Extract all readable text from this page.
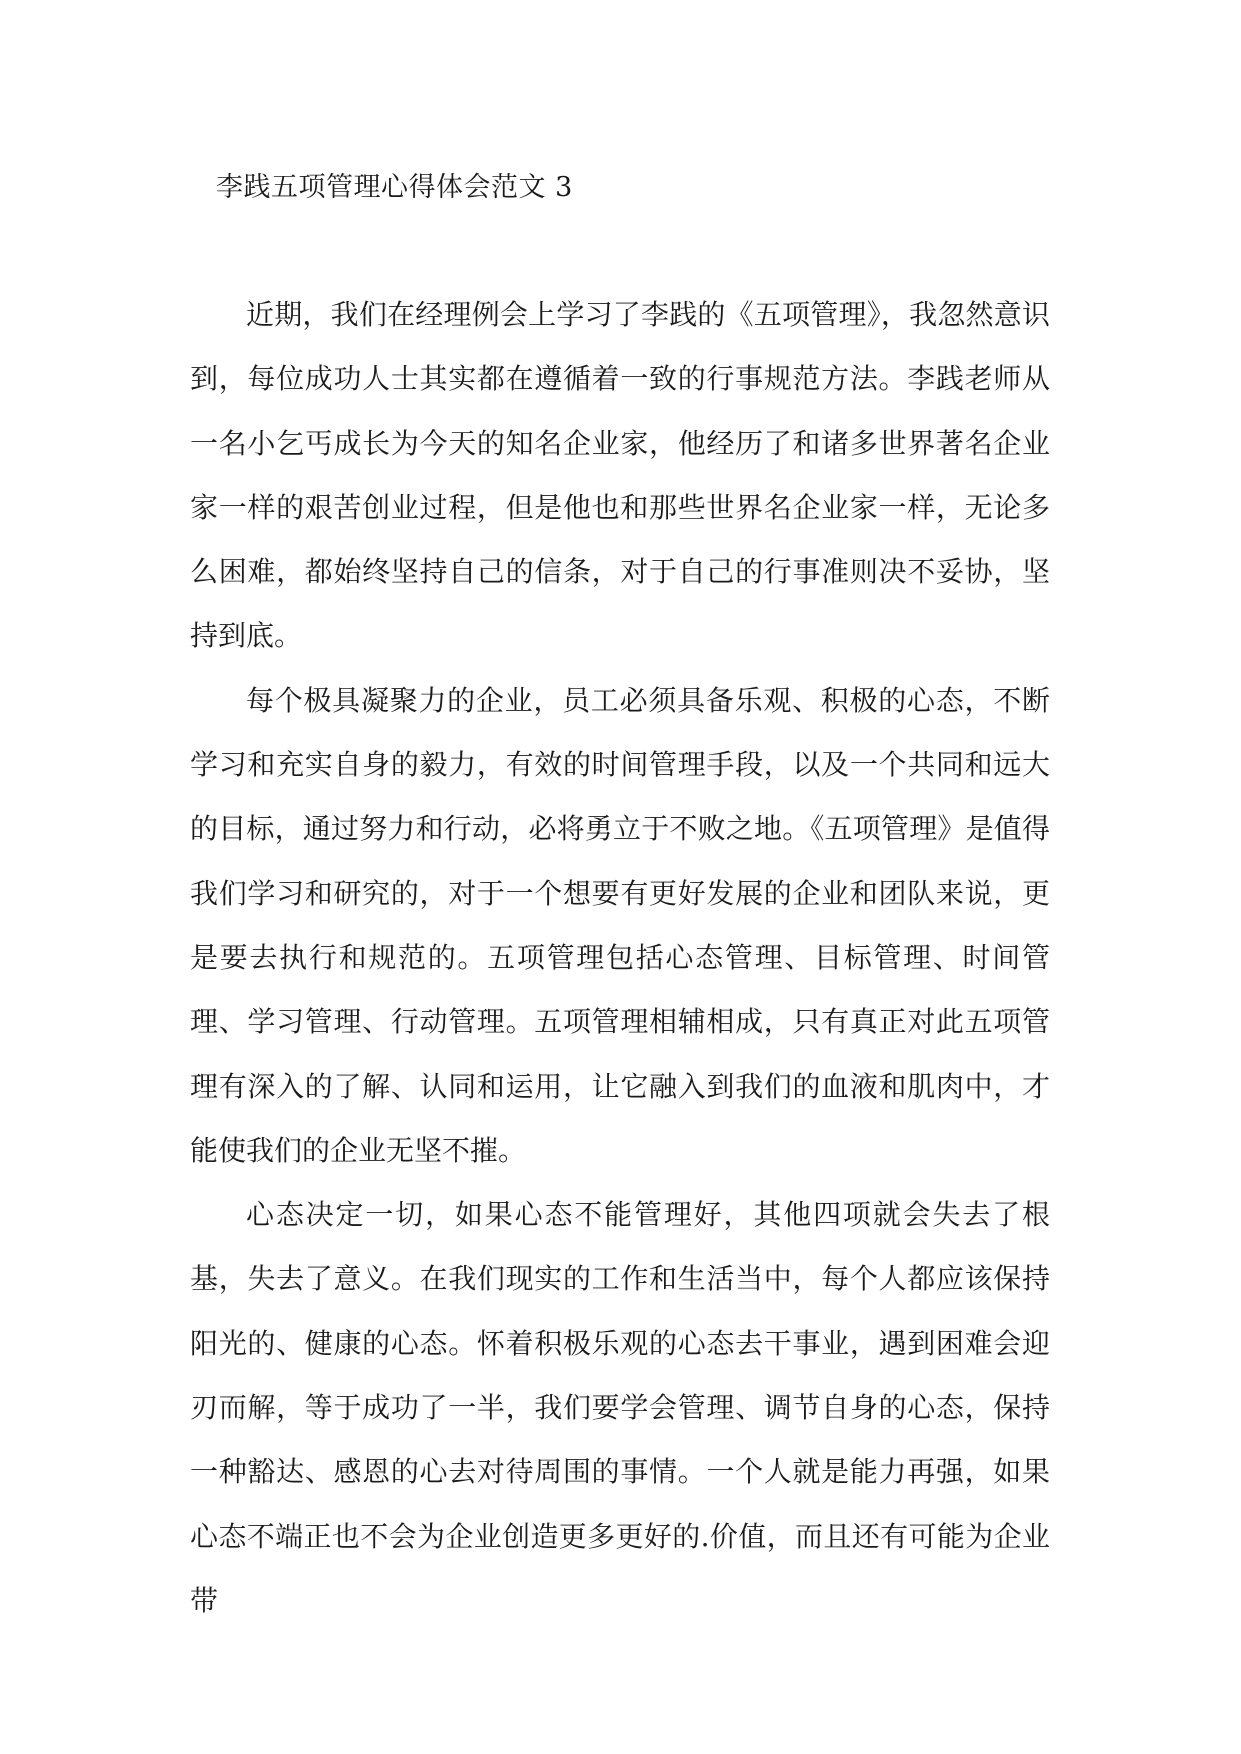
李践五项管理心得体会范文 3

近期，我们在经理例会上学习了李践的《五项管理》，我忽然意识到，每位成功人士其实都在遵循着一致的行事规范方法。李践老师从一名小乞丐成长为今天的知名企业家，他经历了和诸多世界著名企业家一样的艰苦创业过程，但是他也和那些世界名企业家一样，无论多么困难，都始终坚持自己的信条，对于自己的行事准则决不妥协，坚持到底。

每个极具凝聚力的企业，员工必须具备乐观、积极的心态，不断学习和充实自身的毅力，有效的时间管理手段，以及一个共同和远大的目标，通过努力和行动，必将勇立于不败之地。《五项管理》是值得我们学习和研究的，对于一个想要有更好发展的企业和团队来说，更是要去执行和规范的。五项管理包括心态管理、目标管理、时间管理、学习管理、行动管理。五项管理相辅相成，只有真正对此五项管理有深入的了解、认同和运用，让它融入到我们的血液和肌肉中，才能使我们的企业无坚不摧。

心态决定一切，如果心态不能管理好，其他四项就会失去了根基，失去了意义。在我们现实的工作和生活当中，每个人都应该保持阳光的、健康的心态。怀着积极乐观的心态去干事业，遇到困难会迎刃而解，等于成功了一半，我们要学会管理、调节自身的心态，保持一种豁达、感恩的心去对待周围的事情。一个人就是能力再强，如果心态不端正也不会为企业创造更多更好的.价值，而且还有可能为企业带
